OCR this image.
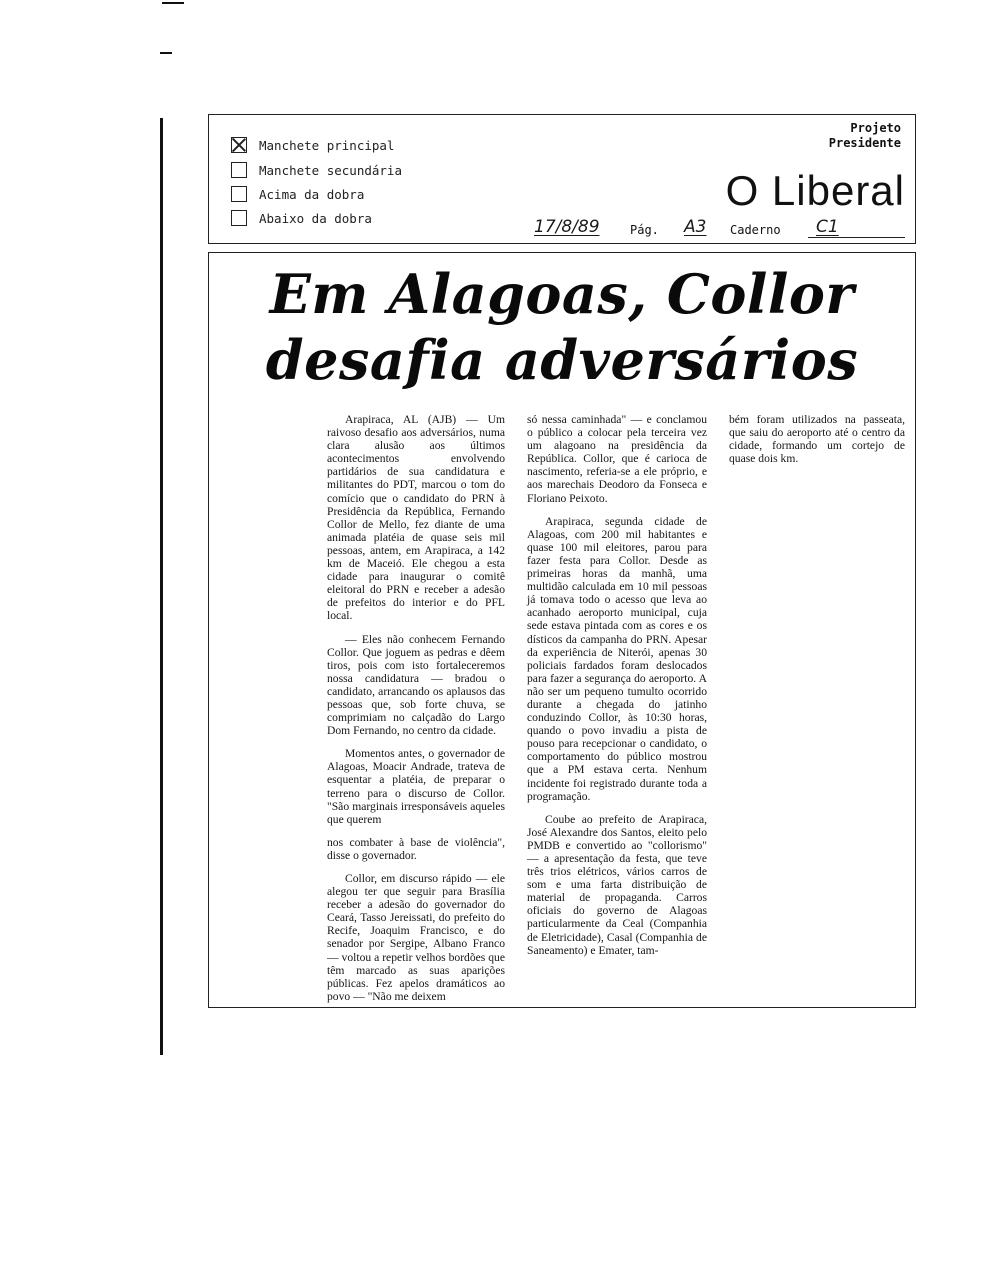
Manchete principal
Manchete secundária
Acima da dobra
Abaixo da dobra
Projeto
Presidente
O Liberal
17/8/89	Pág. A3 Caderno C1
Em Alagoas, Collor
desafia adversários

Arapiraca, AL (AJB) — Um raivoso desafio aos adversários, numa clara alusão aos últimos acontecimentos envolvendo partidários de sua candidatura e militantes do PDT, marcou o tom do comício que o candidato do PRN à Presidência da República, Fernando Collor de Mello, fez diante de uma animada platéia de quase seis mil pessoas, antem, em Arapiraca, a 142 km de Maceió. Ele chegou a esta cidade para inaugurar o comitê eleitoral do PRN e receber a adesão de prefeitos do interior e do PFL local.

— Eles não conhecem Fernando Collor. Que joguem as pedras e dêem tiros, pois com isto fortaleceremos nossa candidatura — bradou o candidato, arrancando os aplausos das pessoas que, sob forte chuva, se comprimiam no calçadão do Largo Dom Fernando, no centro da cidade.

Momentos antes, o governador de Alagoas, Moacir Andrade, trateva de esquentar a platéia, de preparar o terreno para o discurso de Collor. "São marginais irresponsáveis aqueles que querem

nos combater à base de violência", disse o governador.

Collor, em discurso rápido — ele alegou ter que seguir para Brasília receber a adesão do governador do Ceará, Tasso Jereissati, do prefeito do Recife, Joaquim Francisco, e do senador por Sergipe, Albano Franco — voltou a repetir velhos bordões que têm marcado as suas aparições públicas. Fez apelos dramáticos ao povo — "Não me deixem

só nessa caminhada" — e conclamou o público a colocar pela terceira vez um alagoano na presidência da República. Collor, que é carioca de nascimento, referia-se a ele próprio, e aos marechais Deodoro da Fonseca e Floriano Peixoto.

Arapiraca, segunda cidade de Alagoas, com 200 mil habitantes e quase 100 mil eleitores, parou para fazer festa para Collor. Desde as primeiras horas da manhã, uma multidão calculada em 10 mil pessoas já tomava todo o acesso que leva ao acanhado aeroporto municipal, cuja sede estava pintada com as cores e os dísticos da campanha do PRN. Apesar da experiência de Niterói, apenas 30 policiais fardados foram deslocados para fazer a segurança do aeroporto. A não ser um pequeno tumulto ocorrido durante a chegada do jatinho conduzindo Collor, às 10:30 horas, quando o povo invadiu a pista de pouso para recepcionar o candidato, o comportamento do público mostrou que a PM estava certa. Nenhum incidente foi registrado durante toda a programação.

Coube ao prefeito de Arapiraca, José Alexandre dos Santos, eleito pelo PMDB e convertido ao "collorismo" — a apresentação da festa, que teve três trios elétricos, vários carros de som e uma farta distribuição de material de propaganda. Carros oficiais do governo de Alagoas particularmente da Ceal (Companhia de Eletricidade), Casal (Companhia de Saneamento) e Emater, tam-

bém foram utilizados na passeata, que saiu do aeroporto até o centro da cidade, formando um cortejo de quase dois km.
